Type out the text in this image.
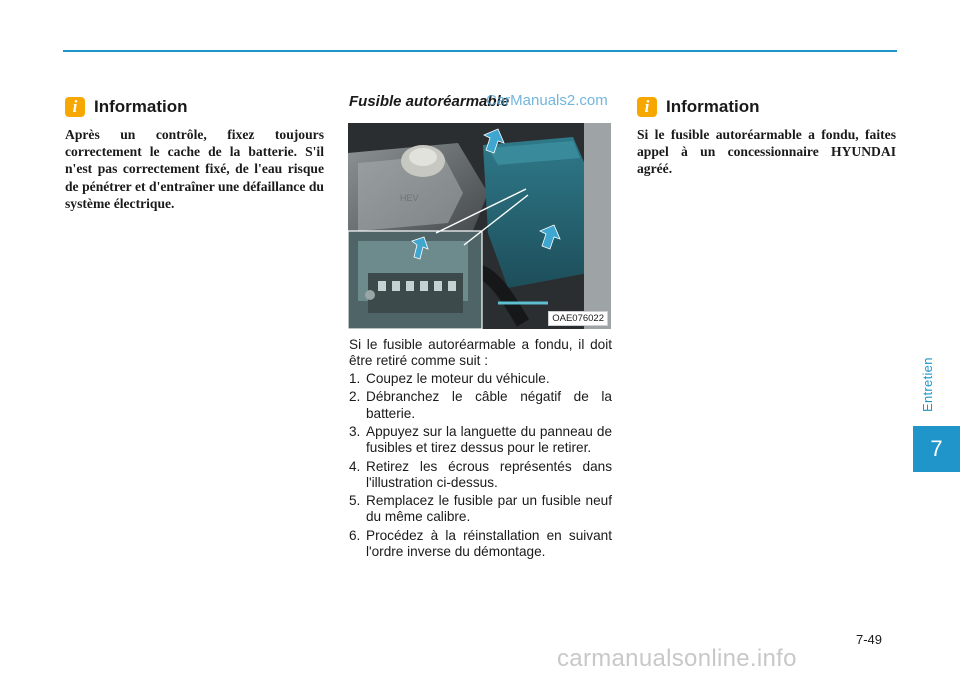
i Information

Après un contrôle, fixez toujours correctement le cache de la batterie. S'il n'est pas correctement fixé, de l'eau risque de pénétrer et d'entraîner une défaillance du système électrique.

Fusible autoréarmable
CarManuals2.com
HEV
OAE076022

Si le fusible autoréarmable a fondu, il doit être retiré comme suit :

1. Coupez le moteur du véhicule.
2. Débranchez le câble négatif de la batterie.
3. Appuyez sur la languette du panneau de fusibles et tirez dessus pour le retirer.
4. Retirez les écrous représentés dans l'illustration ci-dessus.
5. Remplacez le fusible par un fusible neuf du même calibre.
6. Procédez à la réinstallation en suivant l'ordre inverse du démontage.
i Information

Si le fusible autoréarmable a fondu, faites appel à un concessionnaire HYUNDAI agréé.

Entretien
7
7-49
carmanualsonline.info
